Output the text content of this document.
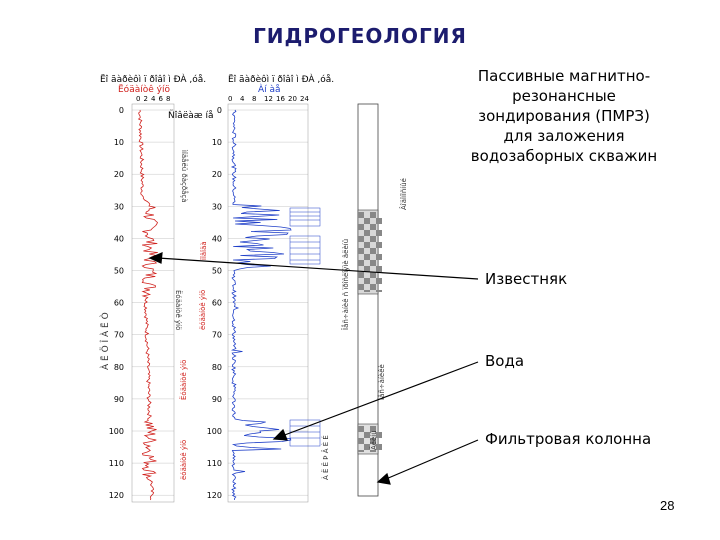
ГИДРОГЕОЛОГИЯ
Ëî ãàðèôì ï ðîâî ì ÐÀ ,óå.
Ëóäàíòê ýíö
Ëî ãàðèôì ï ðîâî ì ÐÀ ,óå.
Àí àå
Ñîâëàæ íå
0 2 4 6 8	0 4 8 12 16 20 24
0
10
20
30
40
50
60
70
80
90
100
110
120
0
10
20
30
40
50
60
70
80
90
100
110
120
ìîäåëü ðàçðåçà
Ëóäàíòê ýíö
À Ë Ö Î À Ë Ò
Ëóäàíòê ýíö
ëóäàíòê ýíö
ïîâîäà
ëóäàíòê ýíö
Ïåñ÷àíèê ñ ïðîñëîÿìè ãëèíû
Ïåñ÷àíèêè
Âîäîíîñíûé
Ãëèíû
À Ë Ë Þ Â È É
Пассивные магнитно-
резонансные
зондирования (ПМРЗ)
для заложения
водозаборных скважин
Известняк
Вода
Фильтровая колонна
28
